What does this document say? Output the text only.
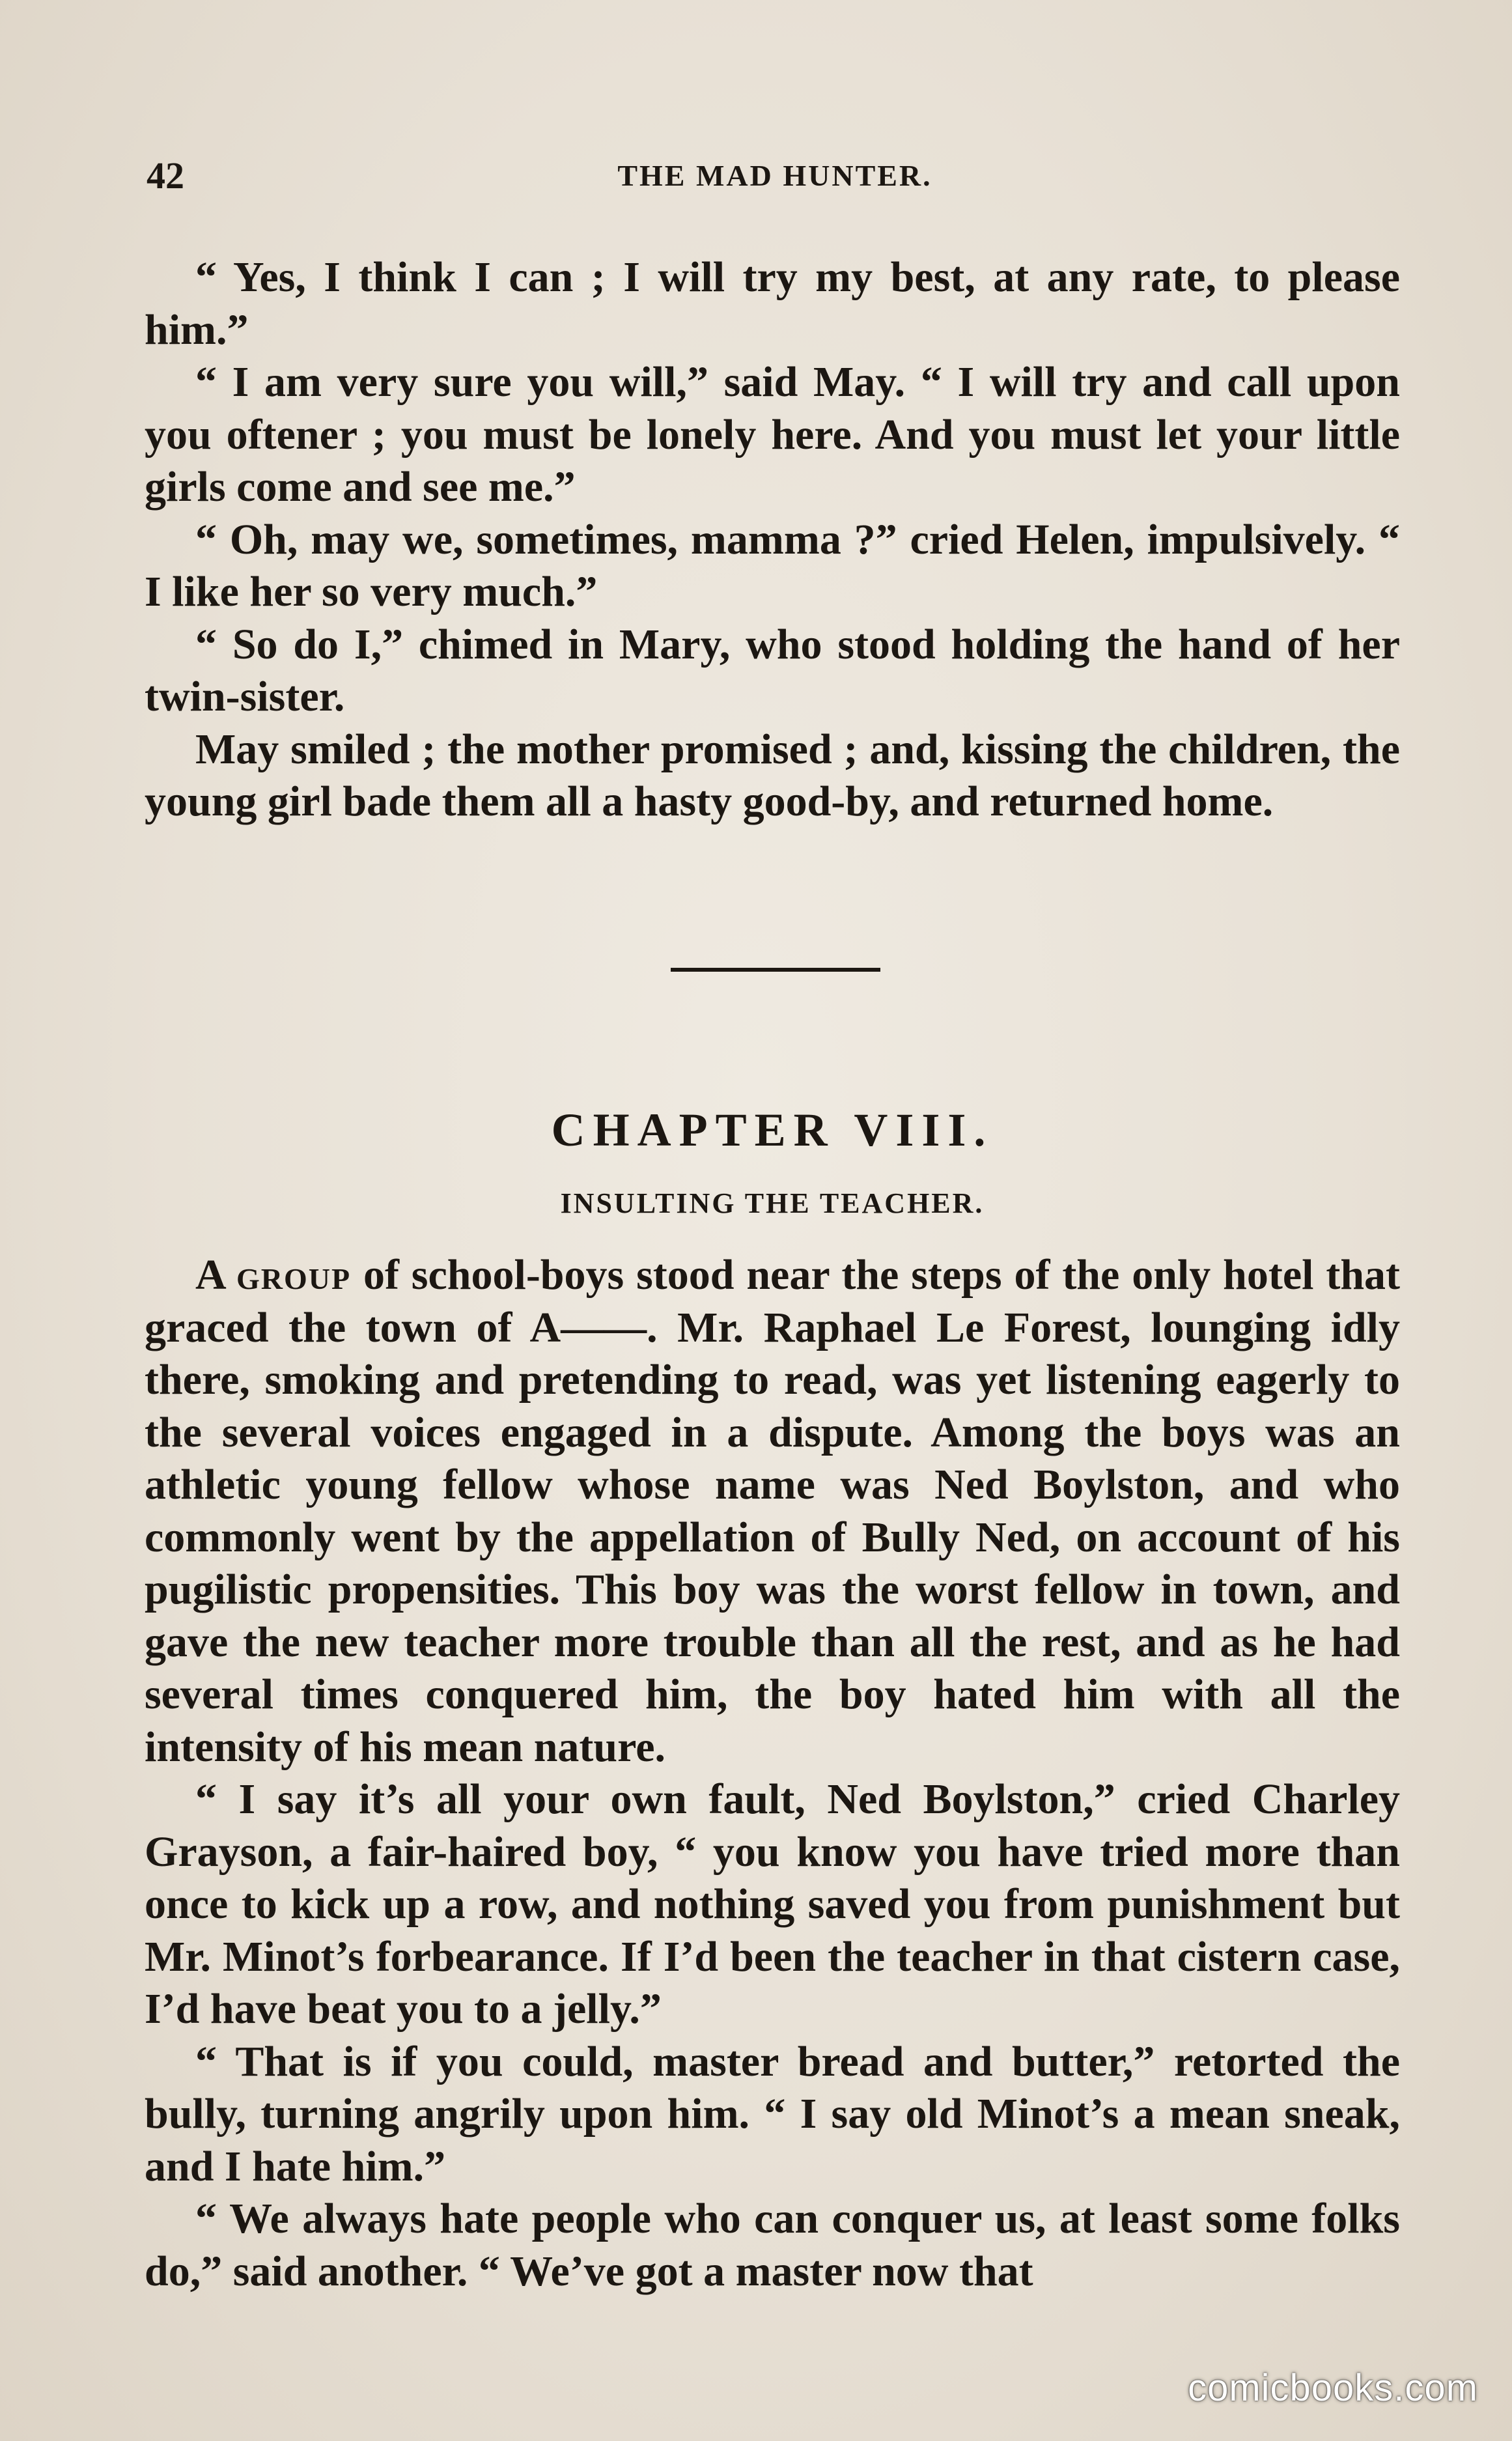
42	THE MAD HUNTER.

“ Yes, I think I can ; I will try my best, at any rate, to please him.”

“ I am very sure you will,” said May. “ I will try and call upon you oftener ; you must be lonely here. And you must let your little girls come and see me.”

“ Oh, may we, sometimes, mamma ?” cried Helen, impulsively. “ I like her so very much.”

“ So do I,” chimed in Mary, who stood holding the hand of her twin-sister.

May smiled ; the mother promised ; and, kissing the children, the young girl bade them all a hasty good-by, and returned home.

CHAPTER VIII.
INSULTING THE TEACHER.

A group of school-boys stood near the steps of the only hotel that graced the town of A——. Mr. Raphael Le Forest, lounging idly there, smoking and pretending to read, was yet listening eagerly to the several voices engaged in a dispute. Among the boys was an athletic young fellow whose name was Ned Boylston, and who commonly went by the appellation of Bully Ned, on account of his pugilistic propensities. This boy was the worst fellow in town, and gave the new teacher more trouble than all the rest, and as he had several times conquered him, the boy hated him with all the intensity of his mean nature.

“ I say it’s all your own fault, Ned Boylston,” cried Charley Grayson, a fair-haired boy, “ you know you have tried more than once to kick up a row, and nothing saved you from punishment but Mr. Minot’s forbearance. If I’d been the teacher in that cistern case, I’d have beat you to a jelly.”

“ That is if you could, master bread and butter,” retorted the bully, turning angrily upon him. “ I say old Minot’s a mean sneak, and I hate him.”

“ We always hate people who can conquer us, at least some folks do,” said another. “ We’ve got a master now that

comicbooks.com
